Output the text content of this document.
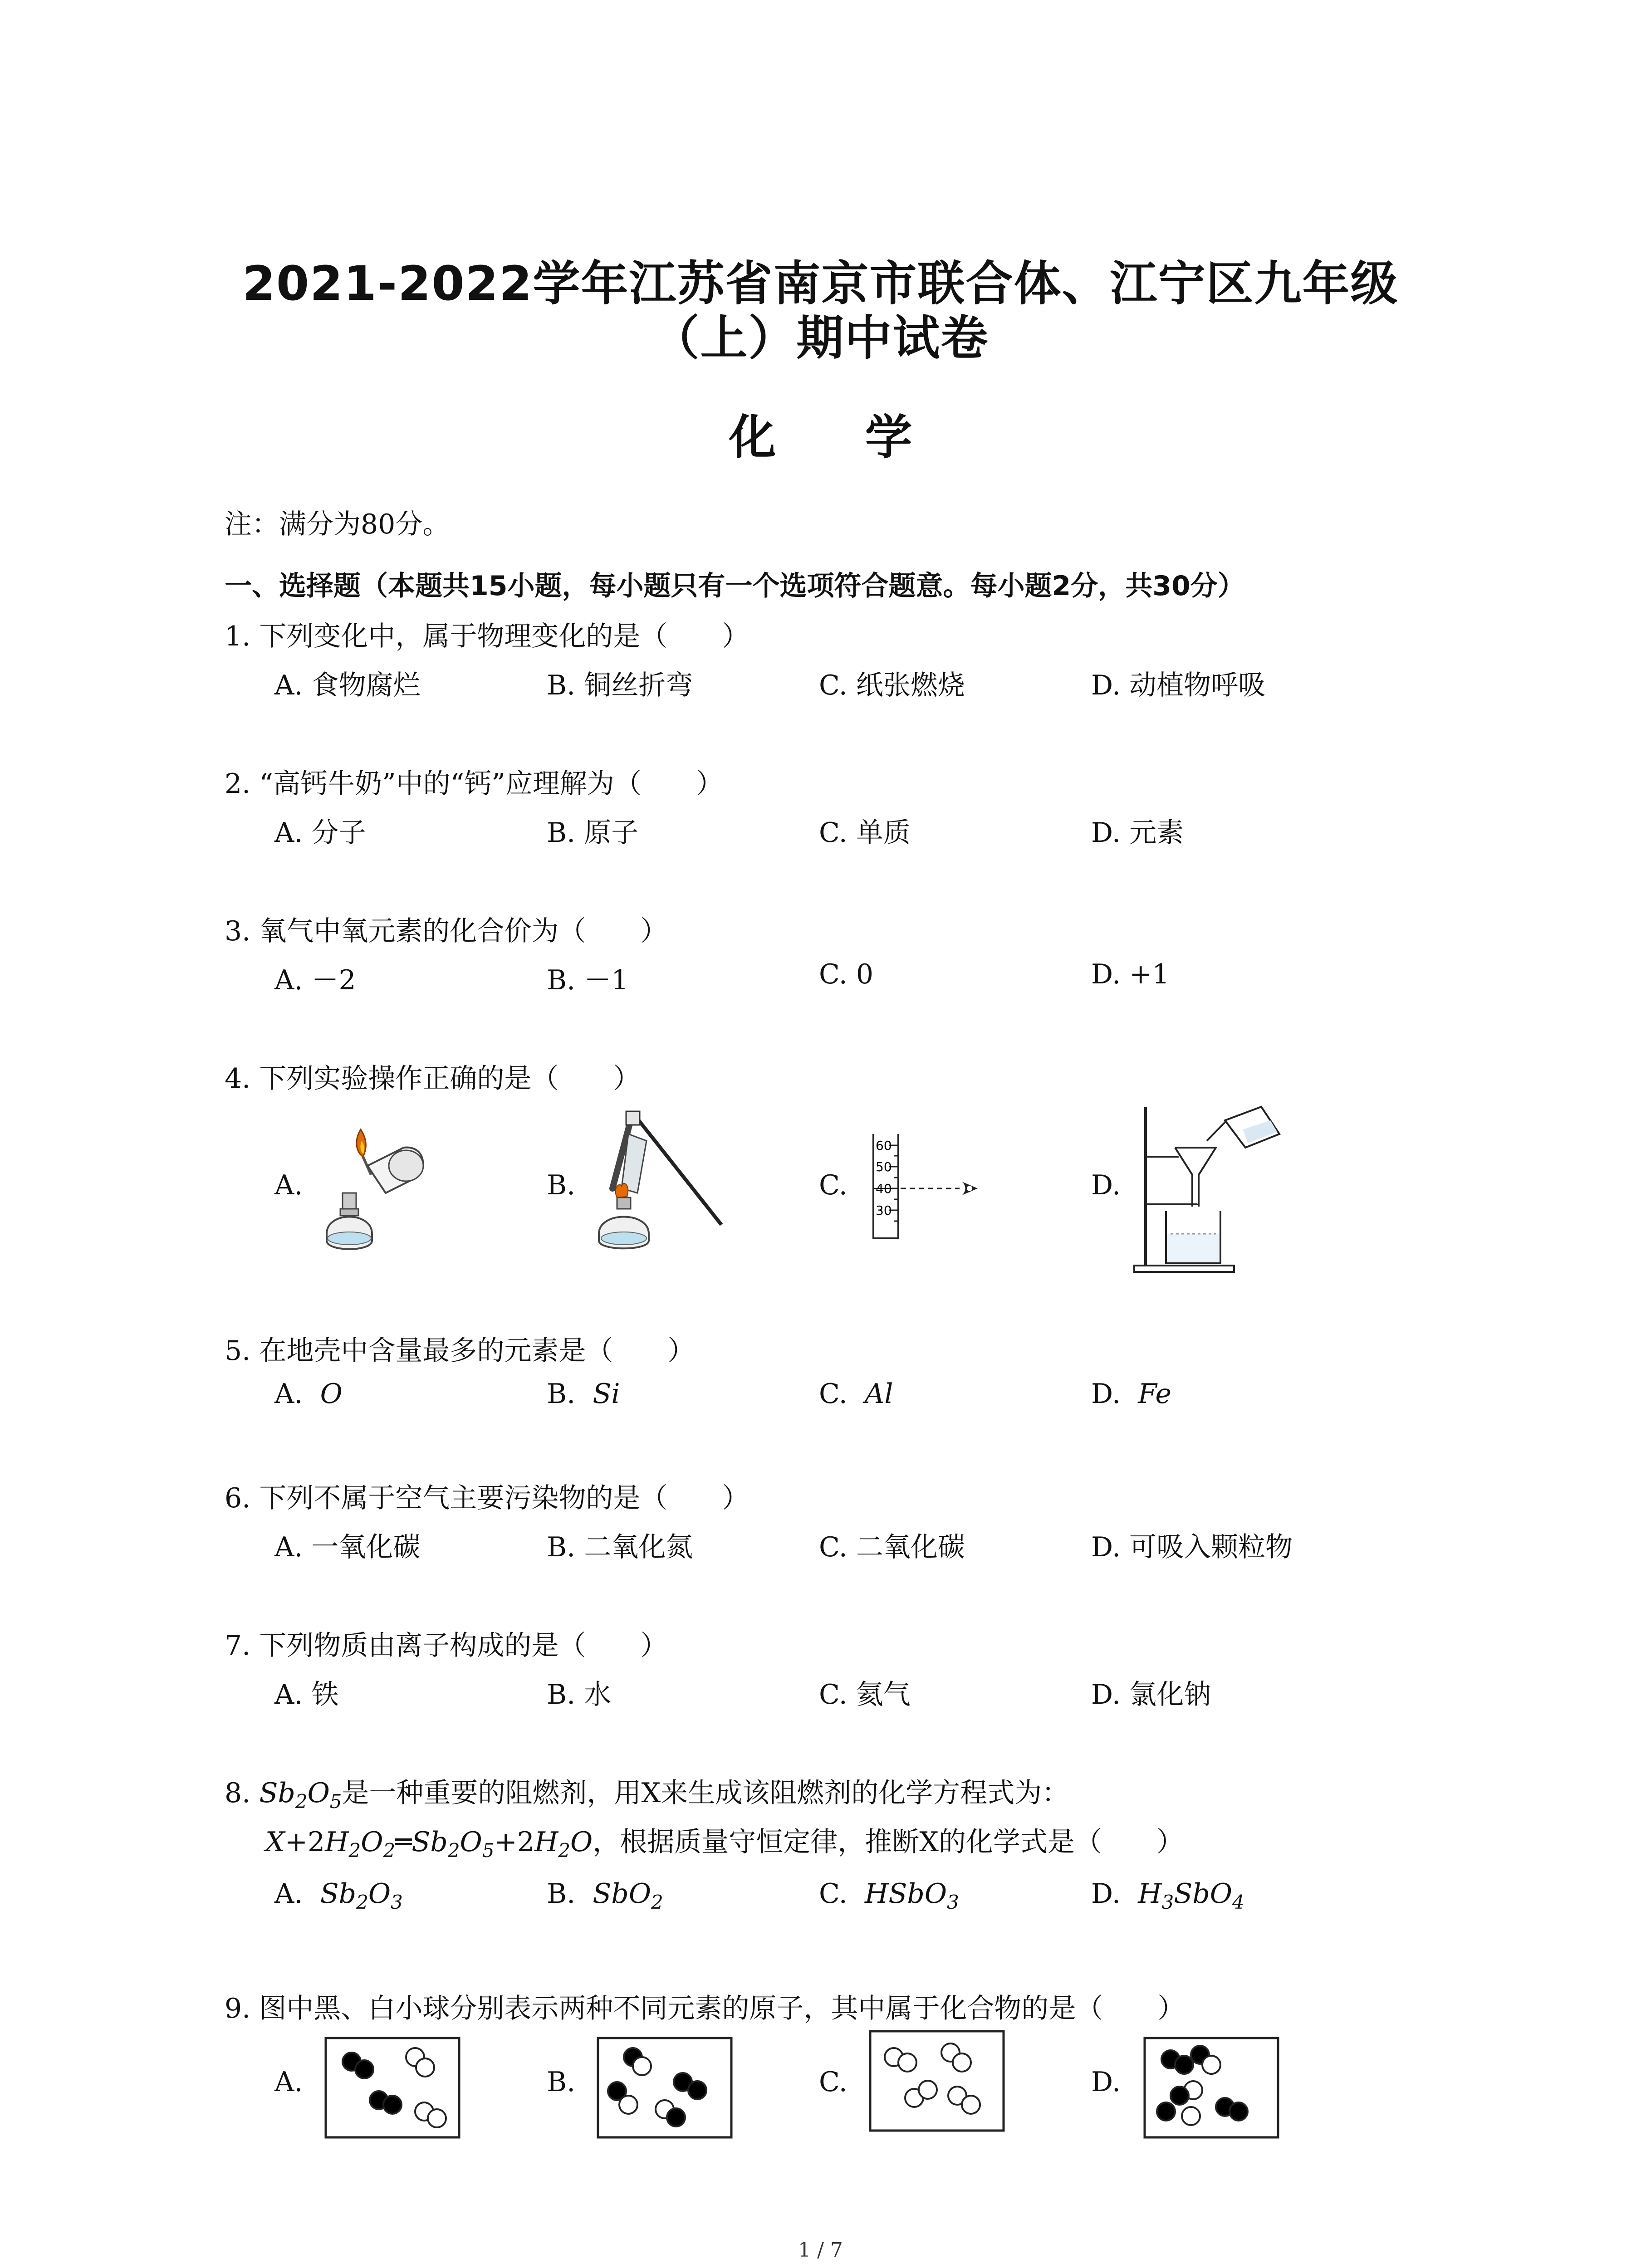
2021-2022学年江苏省南京市联合体、江宁区九年级
（上）期中试卷
化 学
注：满分为80分。
一、选择题（本题共15小题，每小题只有一个选项符合题意。每小题2分，共30分）
1. 下列变化中，属于物理变化的是（　　）
A. 食物腐烂	B. 铜丝折弯	C. 纸张燃烧	D. 动植物呼吸
2. “高钙牛奶”中的“钙”应理解为（　　）
A. 分子	B. 原子	C. 单质	D. 元素
3. 氧气中氧元素的化合价为（　　）
A. －2	B. －1	C. 0	D. +1
4. 下列实验操作正确的是（　　）
A.	B.	C.	D.
60
50
40
30
5. 在地壳中含量最多的元素是（　　）
A. O	B. Si	C. Al	D. Fe
6. 下列不属于空气主要污染物的是（　　）
A. 一氧化碳	B. 二氧化氮	C. 二氧化碳	D. 可吸入颗粒物
7. 下列物质由离子构成的是（　　）
A. 铁	B. 水	C. 氦气	D. 氯化钠
8. $Sb_2O_5$是一种重要的阻燃剂，用X来生成该阻燃剂的化学方程式为：
$X+2H_2O_2═Sb_2O_5+2H_2O$，根据质量守恒定律，推断X的化学式是（　　）
A. $Sb_2O_3$	B. SbO$_2$	C. HSbO$_3$	D. $H_3SbO_4$
9. 图中黑、白小球分别表示两种不同元素的原子，其中属于化合物的是（　　）
A.	B.	C.	D.
1 / 7
